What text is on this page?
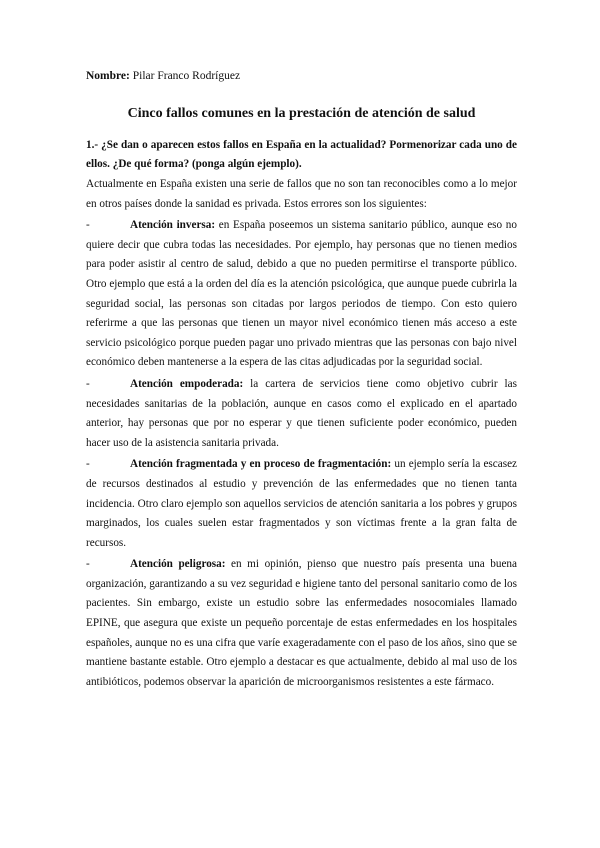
Nombre: Pilar Franco Rodríguez
Cinco fallos comunes en la prestación de atención de salud
1.- ¿Se dan o aparecen estos fallos en España en la actualidad? Pormenorizar cada uno de ellos. ¿De qué forma? (ponga algún ejemplo).

Actualmente en España existen una serie de fallos que no son tan reconocibles como a lo mejor en otros países donde la sanidad es privada. Estos errores son los siguientes:

-	Atención inversa: en España poseemos un sistema sanitario público, aunque eso no quiere decir que cubra todas las necesidades. Por ejemplo, hay personas que no tienen medios para poder asistir al centro de salud, debido a que no pueden permitirse el transporte público. Otro ejemplo que está a la orden del día es la atención psicológica, que aunque puede cubrirla la seguridad social, las personas son citadas por largos periodos de tiempo. Con esto quiero referirme a que las personas que tienen un mayor nivel económico tienen más acceso a este servicio psicológico porque pueden pagar uno privado mientras que las personas con bajo nivel económico deben mantenerse a la espera de las citas adjudicadas por la seguridad social.

-	Atención empoderada: la cartera de servicios tiene como objetivo cubrir las necesidades sanitarias de la población, aunque en casos como el explicado en el apartado anterior, hay personas que por no esperar y que tienen suficiente poder económico, pueden hacer uso de la asistencia sanitaria privada.

-	Atención fragmentada y en proceso de fragmentación: un ejemplo sería la escasez de recursos destinados al estudio y prevención de las enfermedades que no tienen tanta incidencia. Otro claro ejemplo son aquellos servicios de atención sanitaria a los pobres y grupos marginados, los cuales suelen estar fragmentados y son víctimas frente a la gran falta de recursos.

-	Atención peligrosa: en mi opinión, pienso que nuestro país presenta una buena organización, garantizando a su vez seguridad e higiene tanto del personal sanitario como de los pacientes. Sin embargo, existe un estudio sobre las enfermedades nosocomiales llamado EPINE, que asegura que existe un pequeño porcentaje de estas enfermedades en los hospitales españoles, aunque no es una cifra que varíe exageradamente con el paso de los años, sino que se mantiene bastante estable. Otro ejemplo a destacar es que actualmente, debido al mal uso de los antibióticos, podemos observar la aparición de microorganismos resistentes a este fármaco.
